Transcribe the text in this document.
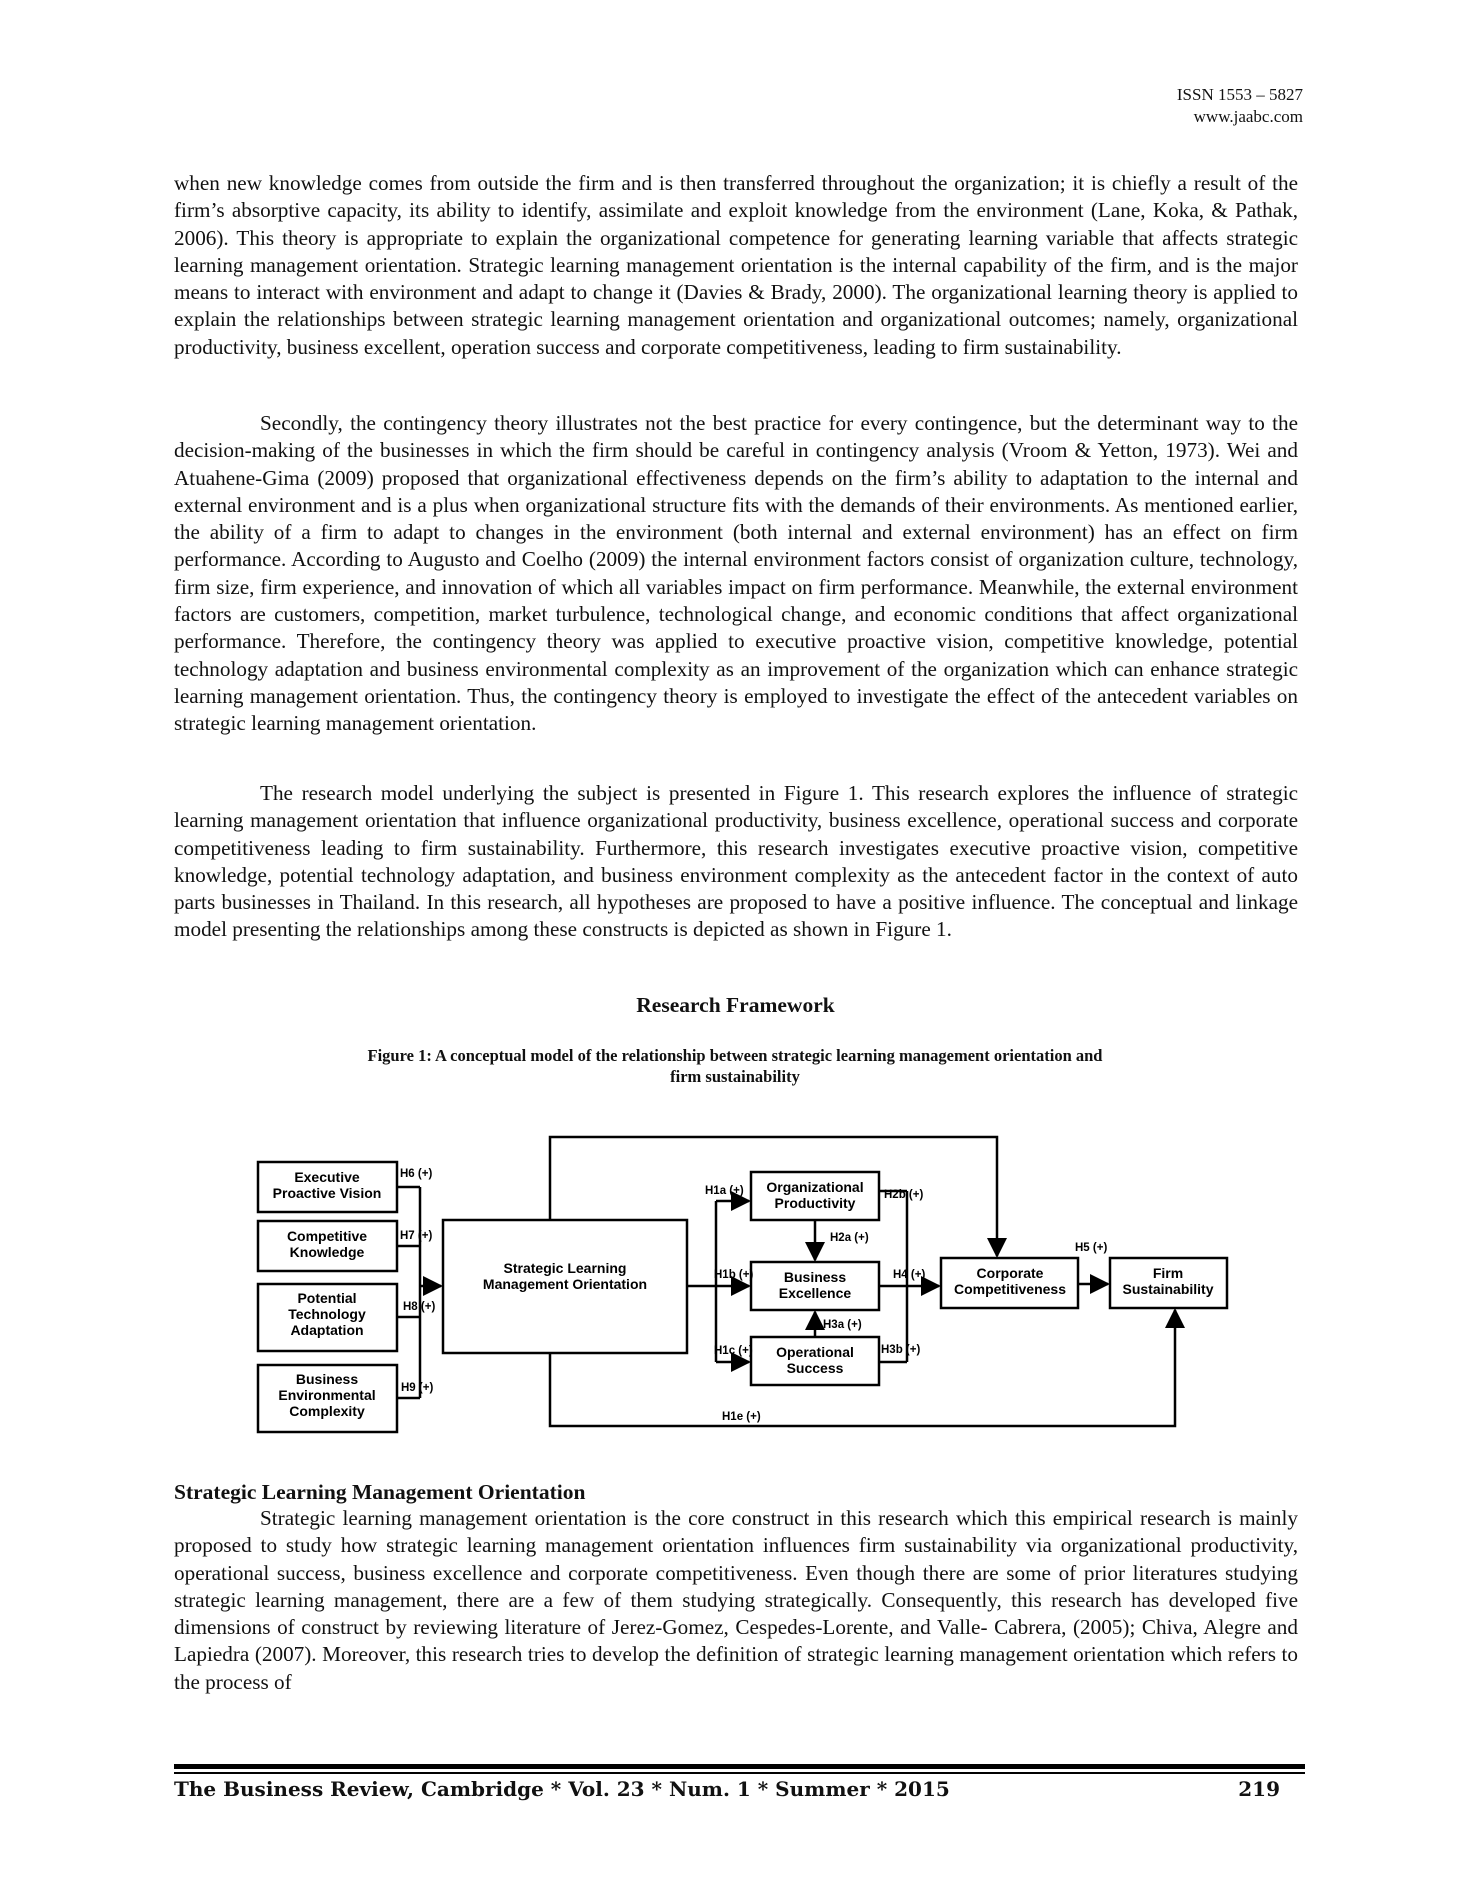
ISSN 1553 – 5827
www.jaabc.com

when new knowledge comes from outside the firm and is then transferred throughout the organization; it is chiefly a result of the firm’s absorptive capacity, its ability to identify, assimilate and exploit knowledge from the environment (Lane, Koka, & Pathak, 2006). This theory is appropriate to explain the organizational competence for generating learning variable that affects strategic learning management orientation. Strategic learning management orientation is the internal capability of the firm, and is the major means to interact with environment and adapt to change it (Davies & Brady, 2000). The organizational learning theory is applied to explain the relationships between strategic learning management orientation and organizational outcomes; namely, organizational productivity, business excellent, operation success and corporate competitiveness, leading to firm sustainability.

Secondly, the contingency theory illustrates not the best practice for every contingence, but the determinant way to the decision-making of the businesses in which the firm should be careful in contingency analysis (Vroom & Yetton, 1973). Wei and Atuahene-Gima (2009) proposed that organizational effectiveness depends on the firm’s ability to adaptation to the internal and external environment and is a plus when organizational structure fits with the demands of their environments. As mentioned earlier, the ability of a firm to adapt to changes in the environment (both internal and external environment) has an effect on firm performance. According to Augusto and Coelho (2009) the internal environment factors consist of organization culture, technology, firm size, firm experience, and innovation of which all variables impact on firm performance. Meanwhile, the external environment factors are customers, competition, market turbulence, technological change, and economic conditions that affect organizational performance. Therefore, the contingency theory was applied to executive proactive vision, competitive knowledge, potential technology adaptation and business environmental complexity as an improvement of the organization which can enhance strategic learning management orientation. Thus, the contingency theory is employed to investigate the effect of the antecedent variables on strategic learning management orientation.

The research model underlying the subject is presented in Figure 1. This research explores the influence of strategic learning management orientation that influence organizational productivity, business excellence, operational success and corporate competitiveness leading to firm sustainability. Furthermore, this research investigates executive proactive vision, competitive knowledge, potential technology adaptation, and business environment complexity as the antecedent factor in the context of auto parts businesses in Thailand. In this research, all hypotheses are proposed to have a positive influence. The conceptual and linkage model presenting the relationships among these constructs is depicted as shown in Figure 1.

Research Framework
Figure 1: A conceptual model of the relationship between strategic learning management orientation and
firm sustainability
Executive Proactive Vision
Competitive Knowledge
Potential Technology Adaptation
Business Environmental Complexity
Strategic Learning Management Orientation
Organizational Productivity
Business Excellence
Operational Success
Corporate Competitiveness
Firm Sustainability
H6 (+)
H7 (+)
H8 (+)
H9 (+)
H1a (+)
H1b (+)
H1c (+)
H1e (+)
H2a (+)
H2b (+)
H3a (+)
H3b (+)
H4 (+)
H5 (+)
Strategic Learning Management Orientation

Strategic learning management orientation is the core construct in this research which this empirical research is mainly proposed to study how strategic learning management orientation influences firm sustainability via organizational productivity, operational success, business excellence and corporate competitiveness. Even though there are some of prior literatures studying strategic learning management, there are a few of them studying strategically. Consequently, this research has developed five dimensions of construct by reviewing literature of Jerez-Gomez, Cespedes-Lorente, and Valle- Cabrera, (2005); Chiva, Alegre and Lapiedra (2007). Moreover, this research tries to develop the definition of strategic learning management orientation which refers to the process of

The Business Review, Cambridge * Vol. 23 * Num. 1 * Summer * 2015	219
